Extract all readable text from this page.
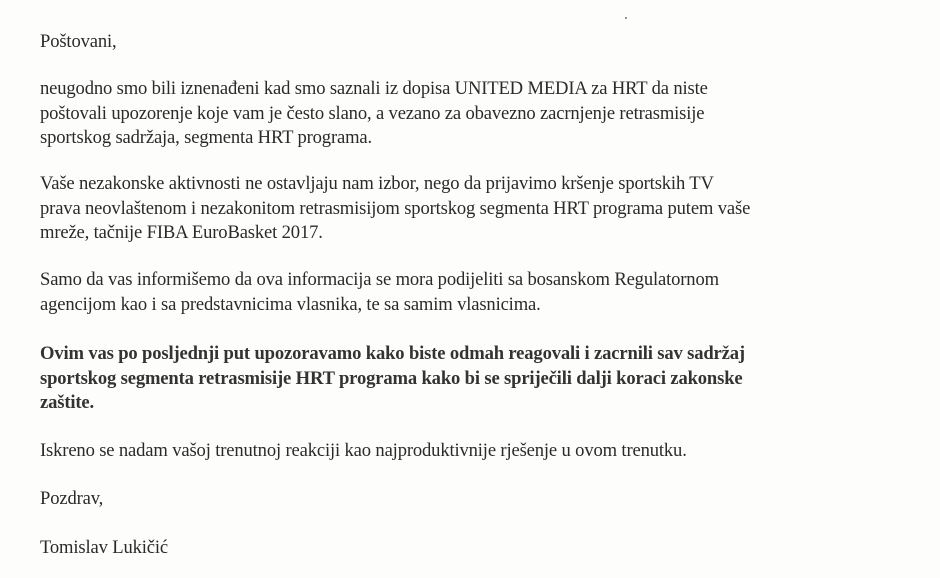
Poštovani,

neugodno smo bili iznenađeni kad smo saznali iz dopisa UNITED MEDIA za HRT da niste
poštovali upozorenje koje vam je često slano, a vezano za obavezno zacrnjenje retrasmisije
sportskog sadržaja, segmenta HRT programa.

Vaše nezakonske aktivnosti ne ostavljaju nam izbor, nego da prijavimo kršenje sportskih TV
prava neovlaštenom i nezakonitom retrasmisijom sportskog segmenta HRT programa putem vaše
mreže, tačnije FIBA EuroBasket 2017.

Samo da vas informišemo da ova informacija se mora podijeliti sa bosanskom Regulatornom
agencijom kao i sa predstavnicima vlasnika, te sa samim vlasnicima.

Ovim vas po posljednji put upozoravamo kako biste odmah reagovali i zacrnili sav sadržaj
sportskog segmenta retrasmisije HRT programa kako bi se spriječili dalji koraci zakonske
zaštite.

Iskreno se nadam vašoj trenutnoj reakciji kao najproduktivnije rješenje u ovom trenutku.

Pozdrav,

Tomislav Lukičić
